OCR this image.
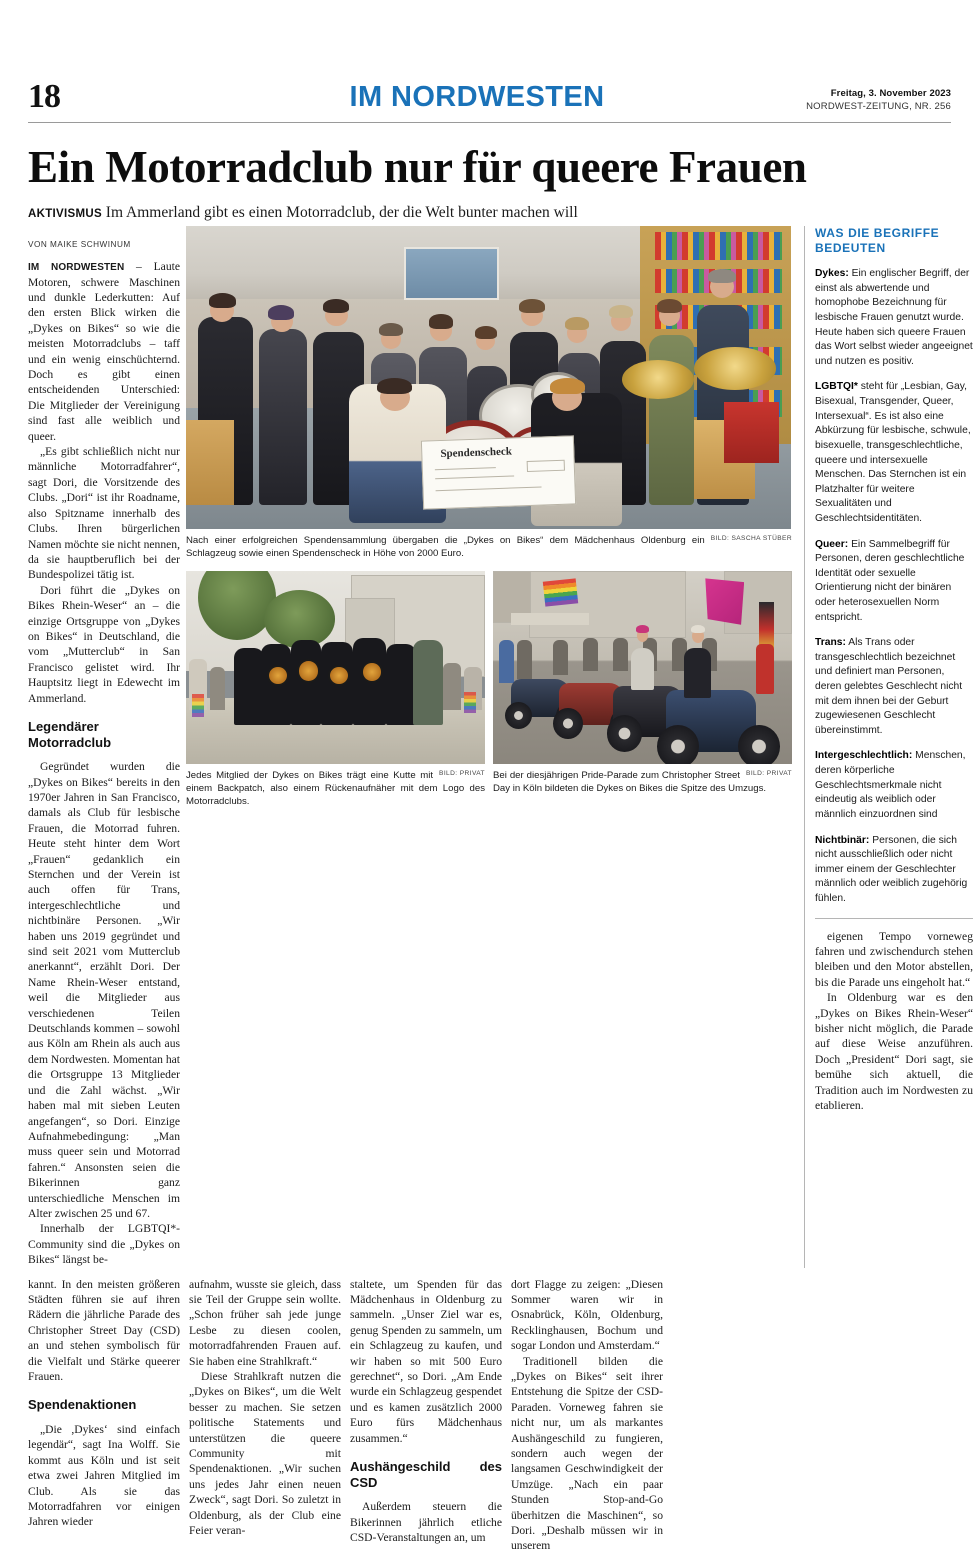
18	IM NORDWESTEN	Freitag, 3. November 2023
NORDWEST-ZEITUNG, NR. 256
Ein Motorradclub nur für queere Frauen
AKTIVISMUS Im Ammerland gibt es einen Motorradclub, der die Welt bunter machen will
VON MAIKE SCHWINUM

IM NORDWESTEN – Laute Motoren, schwere Maschinen und dunkle Lederkutten: Auf den ersten Blick wirken die „Dykes on Bikes“ so wie die meisten Motorradclubs – taff und ein wenig einschüchternd. Doch es gibt einen entscheidenden Unterschied: Die Mitglieder der Vereinigung sind fast alle weiblich und queer.

„Es gibt schließlich nicht nur männliche Motorradfahrer“, sagt Dori, die Vorsitzende des Clubs. „Dori“ ist ihr Roadname, also Spitzname innerhalb des Clubs. Ihren bürgerlichen Namen möchte sie nicht nennen, da sie hauptberuflich bei der Bundespolizei tätig ist.

Dori führt die „Dykes on Bikes Rhein-Weser“ an – die einzige Ortsgruppe von „Dykes on Bikes“ in Deutschland, die vom „Mutterclub“ in San Francisco gelistet wird. Ihr Hauptsitz liegt in Edewecht im Ammerland.

Legendärer Motorradclub

Gegründet wurden die „Dykes on Bikes“ bereits in den 1970er Jahren in San Francisco, damals als Club für lesbische Frauen, die Motorrad fuhren. Heute steht hinter dem Wort „Frauen“ gedanklich ein Sternchen und der Verein ist auch offen für Trans, intergeschlechtliche und nichtbinäre Personen. „Wir haben uns 2019 gegründet und sind seit 2021 vom Mutterclub anerkannt“, erzählt Dori. Der Name Rhein-Weser entstand, weil die Mitglieder aus verschiedenen Teilen Deutschlands kommen – sowohl aus Köln am Rhein als auch aus dem Nordwesten. Momentan hat die Ortsgruppe 13 Mitglieder und die Zahl wächst. „Wir haben mal mit sieben Leuten angefangen“, so Dori. Einzige Aufnahmebedingung: „Man muss queer sein und Motorrad fahren.“ Ansonsten seien die Bikerinnen ganz unterschiedliche Menschen im Alter zwischen 25 und 67.

Innerhalb der LGBTQI*-Community sind die „Dykes on Bikes“ längst be-

Spendenscheck
BILD: SASCHA STÜBER
Nach einer erfolgreichen Spendensammlung übergaben die „Dykes on Bikes“ dem Mädchenhaus Oldenburg ein Schlagzeug sowie einen Spendenscheck in Höhe von 2000 Euro.
BILD: PRIVAT
Jedes Mitglied der Dykes on Bikes trägt eine Kutte mit einem Backpatch, also einem Rückenaufnäher mit dem Logo des Motorradclubs.
BILD: PRIVAT
Bei der diesjährigen Pride-Parade zum Christopher Street Day in Köln bildeten die Dykes on Bikes die Spitze des Umzugs.
WAS DIE BEGRIFFE BEDEUTEN

Dykes: Ein englischer Begriff, der einst als abwertende und homophobe Bezeichnung für lesbische Frauen genutzt wurde. Heute haben sich queere Frauen das Wort selbst wieder angeeignet und nutzen es positiv.

LGBTQI* steht für „Lesbian, Gay, Bisexual, Transgender, Queer, Intersexual“. Es ist also eine Abkürzung für lesbische, schwule, bisexuelle, transgeschlechtliche, queere und intersexuelle Menschen. Das Sternchen ist ein Platzhalter für weitere Sexualitäten und Geschlechtsidentitäten.

Queer: Ein Sammelbegriff für Personen, deren geschlechtliche Identität oder sexuelle Orientierung nicht der binären oder heterosexuellen Norm entspricht.

Trans: Als Trans oder transgeschlechtlich bezeichnet und definiert man Personen, deren gelebtes Geschlecht nicht mit dem ihnen bei der Geburt zugewiesenen Geschlecht übereinstimmt.

Intergeschlechtlich: Menschen, deren körperliche Geschlechtsmerkmale nicht eindeutig als weiblich oder männlich einzuordnen sind

Nichtbinär: Personen, die sich nicht ausschließlich oder nicht immer einem der Geschlechter männlich oder weiblich zugehörig fühlen.

eigenen Tempo vorneweg fahren und zwischendurch stehen bleiben und den Motor abstellen, bis die Parade uns eingeholt hat.“

In Oldenburg war es den „Dykes on Bikes Rhein-Weser“ bisher nicht möglich, die Parade auf diese Weise anzuführen. Doch „President“ Dori sagt, sie bemühe sich aktuell, die Tradition auch im Nordwesten zu etablieren.

kannt. In den meisten größeren Städten führen sie auf ihren Rädern die jährliche Parade des Christopher Street Day (CSD) an und stehen symbolisch für die Vielfalt und Stärke queerer Frauen.

Spendenaktionen

„Die ,Dykes‘ sind einfach legendär“, sagt Ina Wolff. Sie kommt aus Köln und ist seit etwa zwei Jahren Mitglied im Club. Als sie das Motorradfahren vor einigen Jahren wieder

aufnahm, wusste sie gleich, dass sie Teil der Gruppe sein wollte. „Schon früher sah jede junge Lesbe zu diesen coolen, motorradfahrenden Frauen auf. Sie haben eine Strahlkraft.“

Diese Strahlkraft nutzen die „Dykes on Bikes“, um die Welt besser zu machen. Sie setzen politische Statements und unterstützen die queere Community mit Spendenaktionen. „Wir suchen uns jedes Jahr einen neuen Zweck“, sagt Dori. So zuletzt in Oldenburg, als der Club eine Feier veran-

staltete, um Spenden für das Mädchenhaus in Oldenburg zu sammeln. „Unser Ziel war es, genug Spenden zu sammeln, um ein Schlagzeug zu kaufen, und wir haben so mit 500 Euro gerechnet“, so Dori. „Am Ende wurde ein Schlagzeug gespendet und es kamen zusätzlich 2000 Euro fürs Mädchenhaus zusammen.“

Aushängeschild des CSD

Außerdem steuern die Bikerinnen jährlich etliche CSD-Veranstaltungen an, um

dort Flagge zu zeigen: „Diesen Sommer waren wir in Osnabrück, Köln, Oldenburg, Recklinghausen, Bochum und sogar London und Amsterdam.“

Traditionell bilden die „Dykes on Bikes“ seit ihrer Entstehung die Spitze der CSD-Paraden. Vorneweg fahren sie nicht nur, um als markantes Aushängeschild zu fungieren, sondern auch wegen der langsamen Geschwindigkeit der Umzüge. „Nach ein paar Stunden Stop-and-Go überhitzen die Maschinen“, so Dori. „Deshalb müssen wir in unserem
